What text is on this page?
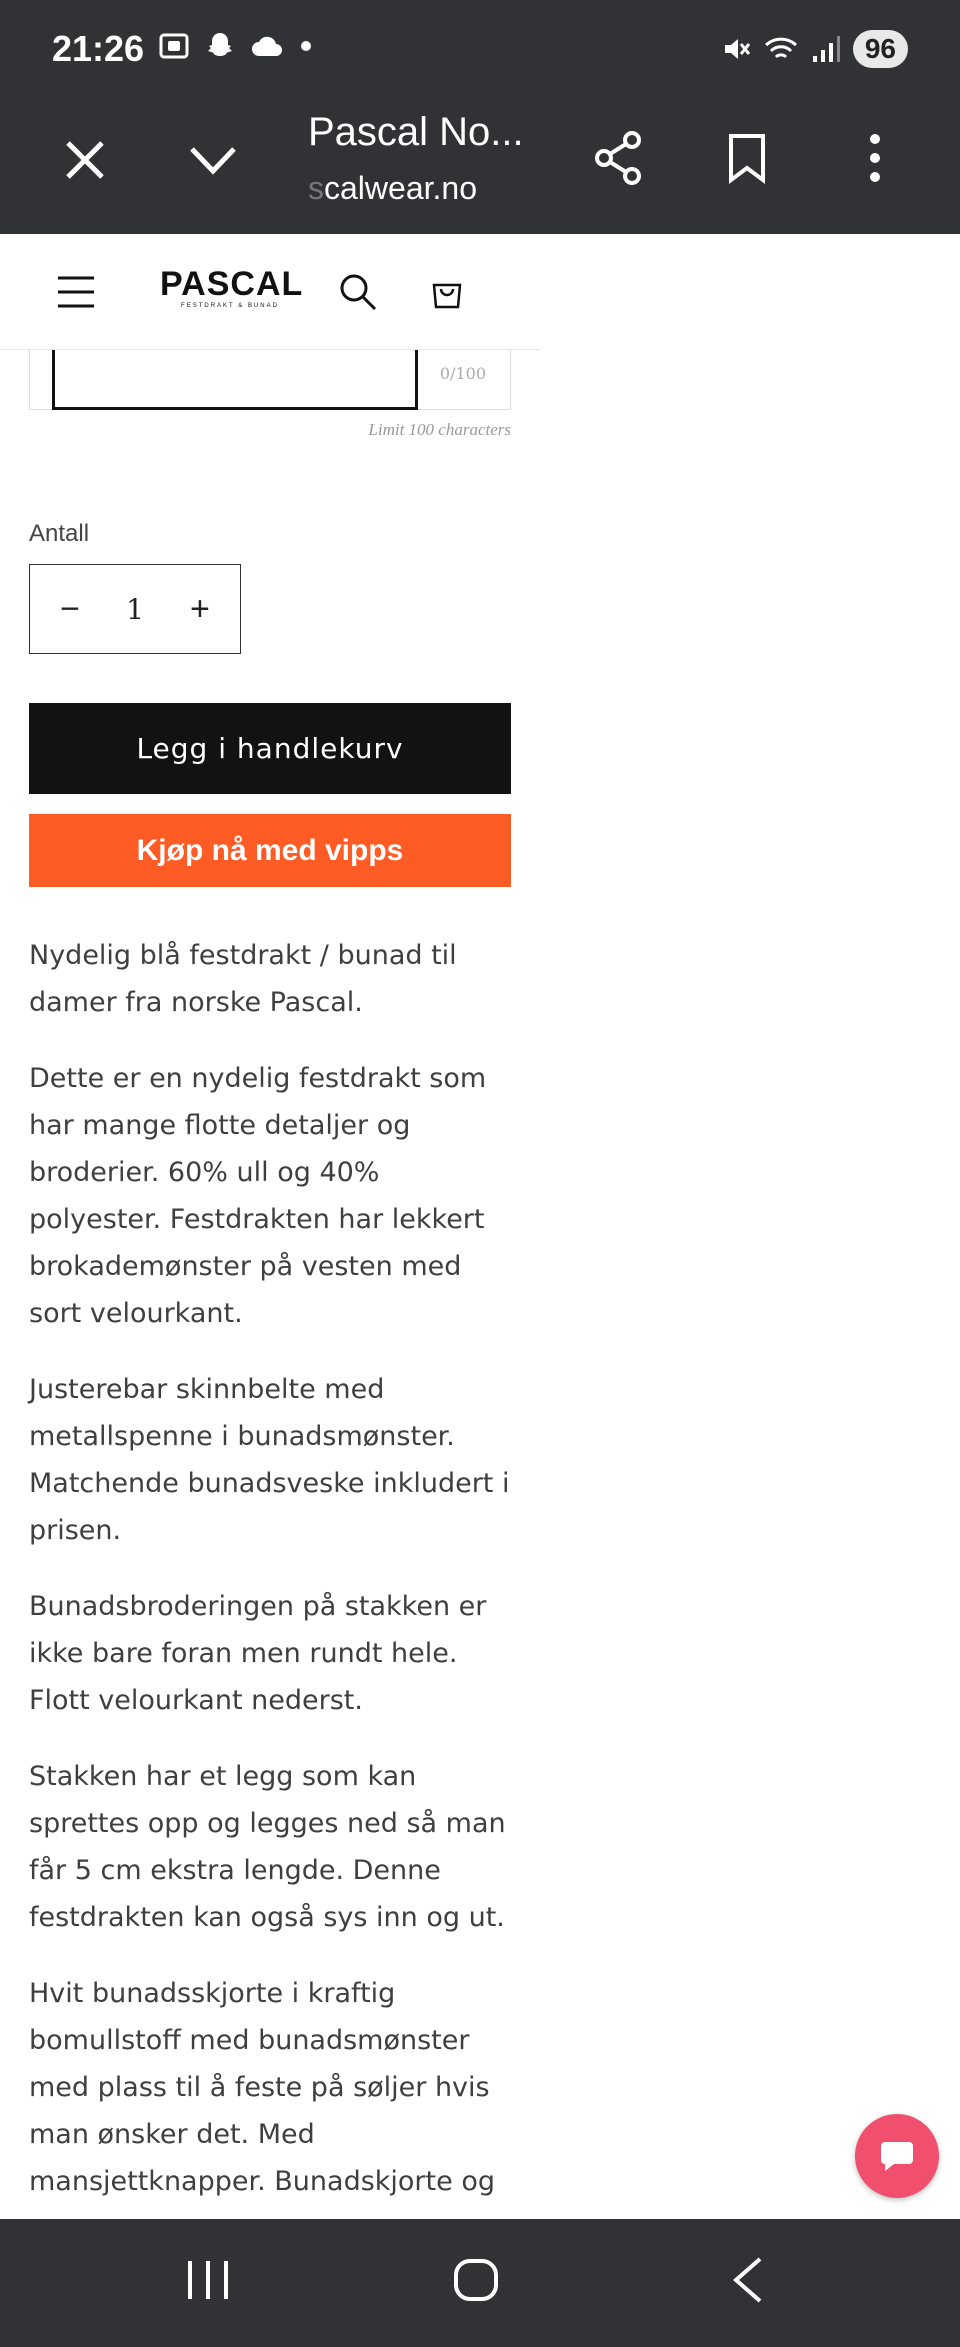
21:26	96
Pascal No...
scalwear.no
PASCAL
FESTDRAKT & BUNAD
0/100
Limit 100 characters
Antall
−	1 +
Legg i handlekurv
Kjøp nå med vipps

Nydelig blå festdrakt / bunad til damer fra norske Pascal.

Dette er en nydelig festdrakt som har mange flotte detaljer og broderier. 60% ull og 40% polyester. Festdrakten har lekkert brokademønster på vesten med sort velourkant.

Justerebar skinnbelte med metallspenne i bunadsmønster. Matchende bunadsveske inkludert i prisen.

Bunadsbroderingen på stakken er ikke bare foran men rundt hele. Flott velourkant nederst.

Stakken har et legg som kan sprettes opp og legges ned så man får 5 cm ekstra lengde. Denne festdrakten kan også sys inn og ut.

Hvit bunadsskjorte i kraftig bomullstoff med bunadsmønster med plass til å feste på søljer hvis man ønsker det. Med mansjettknapper. Bunadskjorte og
